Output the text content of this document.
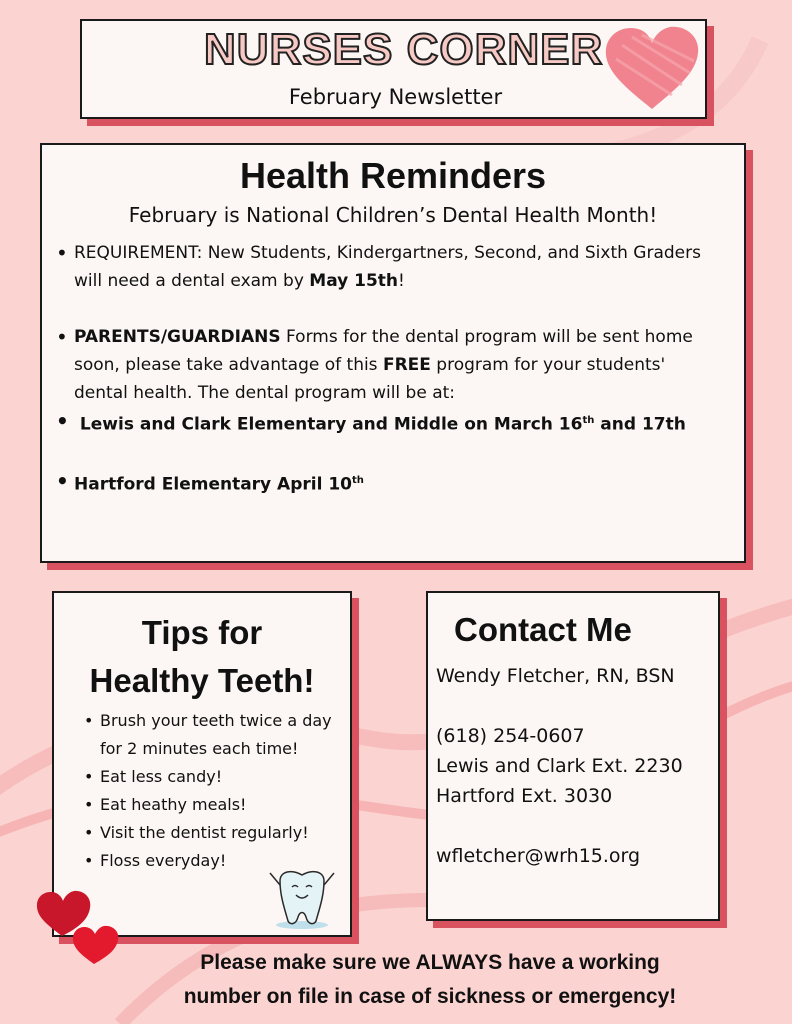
NURSES CORNER
February Newsletter
Health Reminders
February is National Children’s Dental Health Month!
• REQUIREMENT: New Students, Kindergartners, Second, and Sixth Graders will need a dental exam by May 15th!
• PARENTS/GUARDIANS Forms for the dental program will be sent home soon, please take advantage of this FREE program for your students' dental health. The dental program will be at:
• Lewis and Clark Elementary and Middle on March 16th and 17th
• Hartford Elementary April 10th
Tips for
Healthy Teeth!
• Brush your teeth twice a day for 2 minutes each time!
• Eat less candy!
• Eat heathy meals!
• Visit the dentist regularly!
• Floss everyday!
Contact Me
Wendy Fletcher, RN, BSN
(618) 254-0607
Lewis and Clark Ext. 2230
Hartford Ext. 3030
wfletcher@wrh15.org
Please make sure we ALWAYS have a working
number on file in case of sickness or emergency!
